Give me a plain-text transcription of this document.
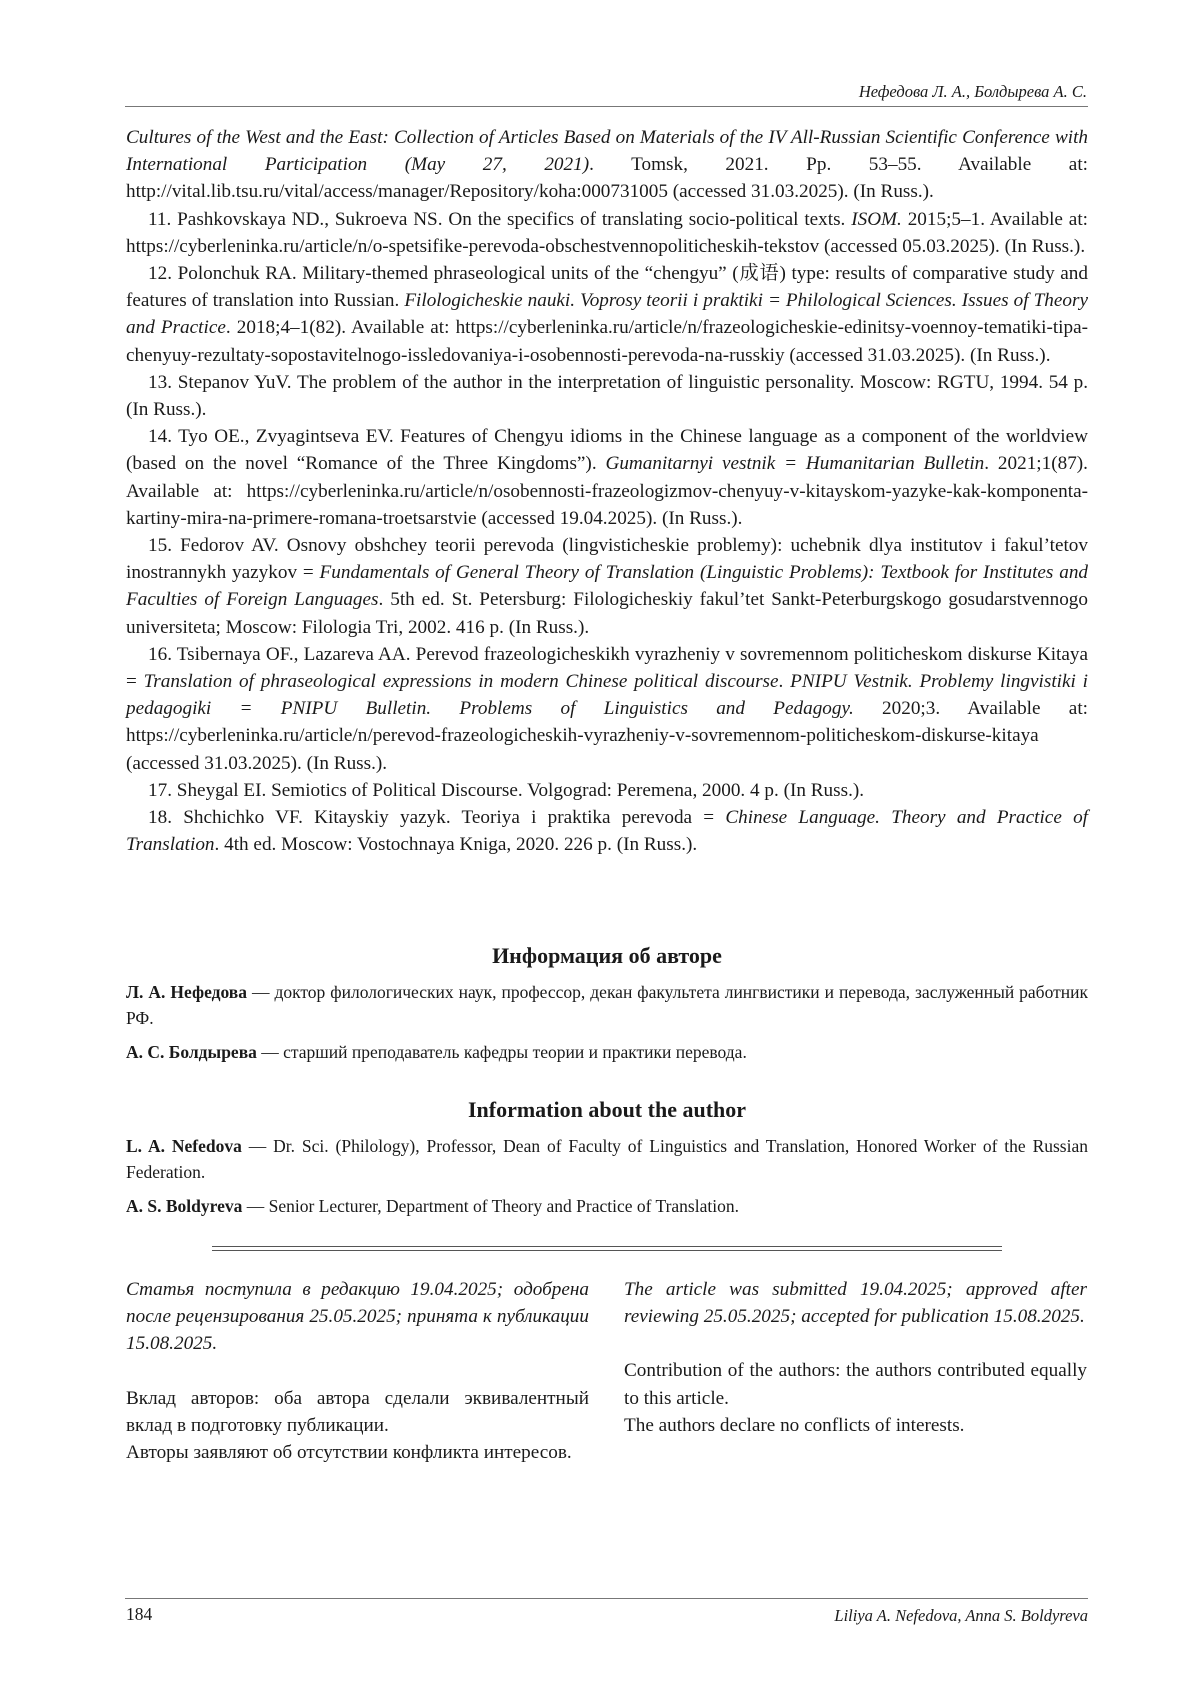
Нефедова Л. А., Болдырева А. С.

Cultures of the West and the East: Collection of Articles Based on Materials of the IV All-Russian Scientific Conference with International Participation (May 27, 2021). Tomsk, 2021. Pp. 53–55. Available at: http://vital.lib.tsu.ru/vital/access/manager/Repository/koha:000731005 (accessed 31.03.2025). (In Russ.).

11. Pashkovskaya ND., Sukroeva NS. On the specifics of translating socio-political texts. ISOM. 2015;5–1. Available at: https://cyberleninka.ru/article/n/o-spetsifike-perevoda-obschestvennopoliticheskih-tekstov (accessed 05.03.2025). (In Russ.).

12. Polonchuk RA. Military-themed phraseological units of the “chengyu” (成语) type: results of comparative study and features of translation into Russian. Filologicheskie nauki. Voprosy teorii i praktiki = Philological Sciences. Issues of Theory and Practice. 2018;4–1(82). Available at: https://cyberleninka.ru/article/n/frazeologicheskie-edinitsy-voennoy-tematiki-tipa-chenyuy-rezultaty-sopostavitelnogo-issledovaniya-i-osobennosti-perevoda-na-russkiy (accessed 31.03.2025). (In Russ.).

13. Stepanov YuV. The problem of the author in the interpretation of linguistic personality. Moscow: RGTU, 1994. 54 p. (In Russ.).

14. Tyo OE., Zvyagintseva EV. Features of Chengyu idioms in the Chinese language as a component of the worldview (based on the novel “Romance of the Three Kingdoms”). Gumanitarnyi vestnik = Humanitarian Bulletin. 2021;1(87). Available at: https://cyberleninka.ru/article/n/osobennosti-frazeologizmov-chenyuy-v-kitayskom-yazyke-kak-komponenta-kartiny-mira-na-primere-romana-troetsarstvie (accessed 19.04.2025). (In Russ.).

15. Fedorov AV. Osnovy obshchey teorii perevoda (lingvisticheskie problemy): uchebnik dlya institutov i fakul’tetov inostrannykh yazykov = Fundamentals of General Theory of Translation (Linguistic Problems): Textbook for Institutes and Faculties of Foreign Languages. 5th ed. St. Petersburg: Filologicheskiy fakul’tet Sankt-Peterburgskogo gosudarstvennogo universiteta; Moscow: Filologia Tri, 2002. 416 p. (In Russ.).

16. Tsibernaya OF., Lazareva AA. Perevod frazeologicheskikh vyrazheniy v sovremennom politicheskom diskurse Kitaya = Translation of phraseological expressions in modern Chinese political discourse. PNIPU Vestnik. Problemy lingvistiki i pedagogiki = PNIPU Bulletin. Problems of Linguistics and Pedagogy. 2020;3. Available at: https://cyberleninka.ru/article/n/perevod-frazeologicheskih-vyrazheniy-v-sovremennom-politicheskom-diskurse-kitaya (accessed 31.03.2025). (In Russ.).

17. Sheygal EI. Semiotics of Political Discourse. Volgograd: Peremena, 2000. 4 p. (In Russ.).

18. Shchichko VF. Kitayskiy yazyk. Teoriya i praktika perevoda = Chinese Language. Theory and Practice of Translation. 4th ed. Moscow: Vostochnaya Kniga, 2020. 226 p. (In Russ.).

Информация об авторе
Л. А. Нефедова — доктор филологических наук, профессор, декан факультета лингвистики и перевода, заслуженный работник РФ.
А. С. Болдырева — старший преподаватель кафедры теории и практики перевода.
Information about the author
L. A. Nefedova — Dr. Sci. (Philology), Professor, Dean of Faculty of Linguistics and Translation, Honored Worker of the Russian Federation.
A. S. Boldyreva — Senior Lecturer, Department of Theory and Practice of Translation.

Статья поступила в редакцию 19.04.2025; одобрена после рецензирования 25.05.2025; принята к публикации 15.08.2025.

Вклад авторов: оба автора сделали эквивалентный вклад в подготовку публикации.

Авторы заявляют об отсутствии конфликта интересов.

The article was submitted 19.04.2025; approved after reviewing 25.05.2025; accepted for publication 15.08.2025.

Contribution of the authors: the authors contributed equally to this article.

The authors declare no conflicts of interests.

184	Liliya A. Nefedova, Anna S. Boldyreva
